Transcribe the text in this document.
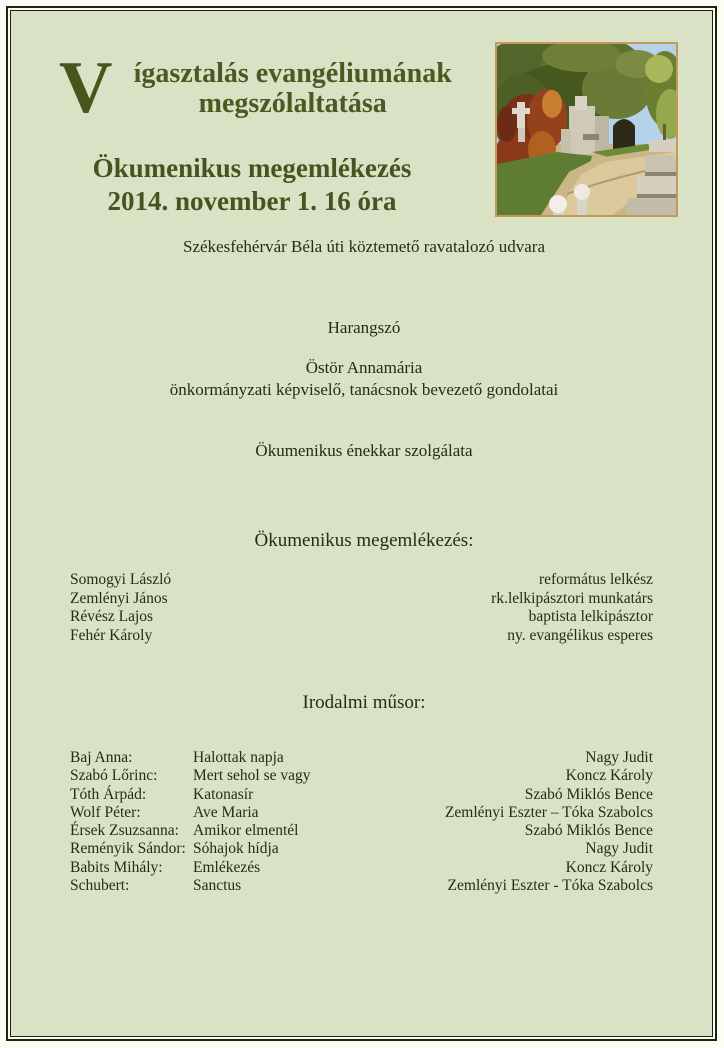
V ígasztalás evangéliumának
megszólaltatása
Ökumenikus megemlékezés
2014. november 1. 16 óra
Székesfehérvár Béla úti köztemető ravatalozó udvara
Harangszó
Östör Annamária
önkormányzati képviselő, tanácsnok bevezető gondolatai
Ökumenikus énekkar szolgálata
Ökumenikus megemlékezés:
Somogyi László	református lelkész
Zemlényi János	rk.lelkipásztori munkatárs
Révész Lajos	baptista lelkipásztor
Fehér Károly	ny. evangélikus esperes
Irodalmi műsor:
Baj Anna:	Halottak napja	Nagy Judit
Szabó Lőrinc:	Mert sehol se vagy	Koncz Károly
Tóth Árpád:	Katonasír	Szabó Miklós Bence
Wolf Péter:	Ave Maria	Zemlényi Eszter – Tóka Szabolcs
Érsek Zsuzsanna: Amikor elmentél	Szabó Miklós Bence
Reményik Sándor: Sóhajok hídja	Nagy Judit
Babits Mihály:	Emlékezés	Koncz Károly
Schubert:	Sanctus	Zemlényi Eszter - Tóka Szabolcs
